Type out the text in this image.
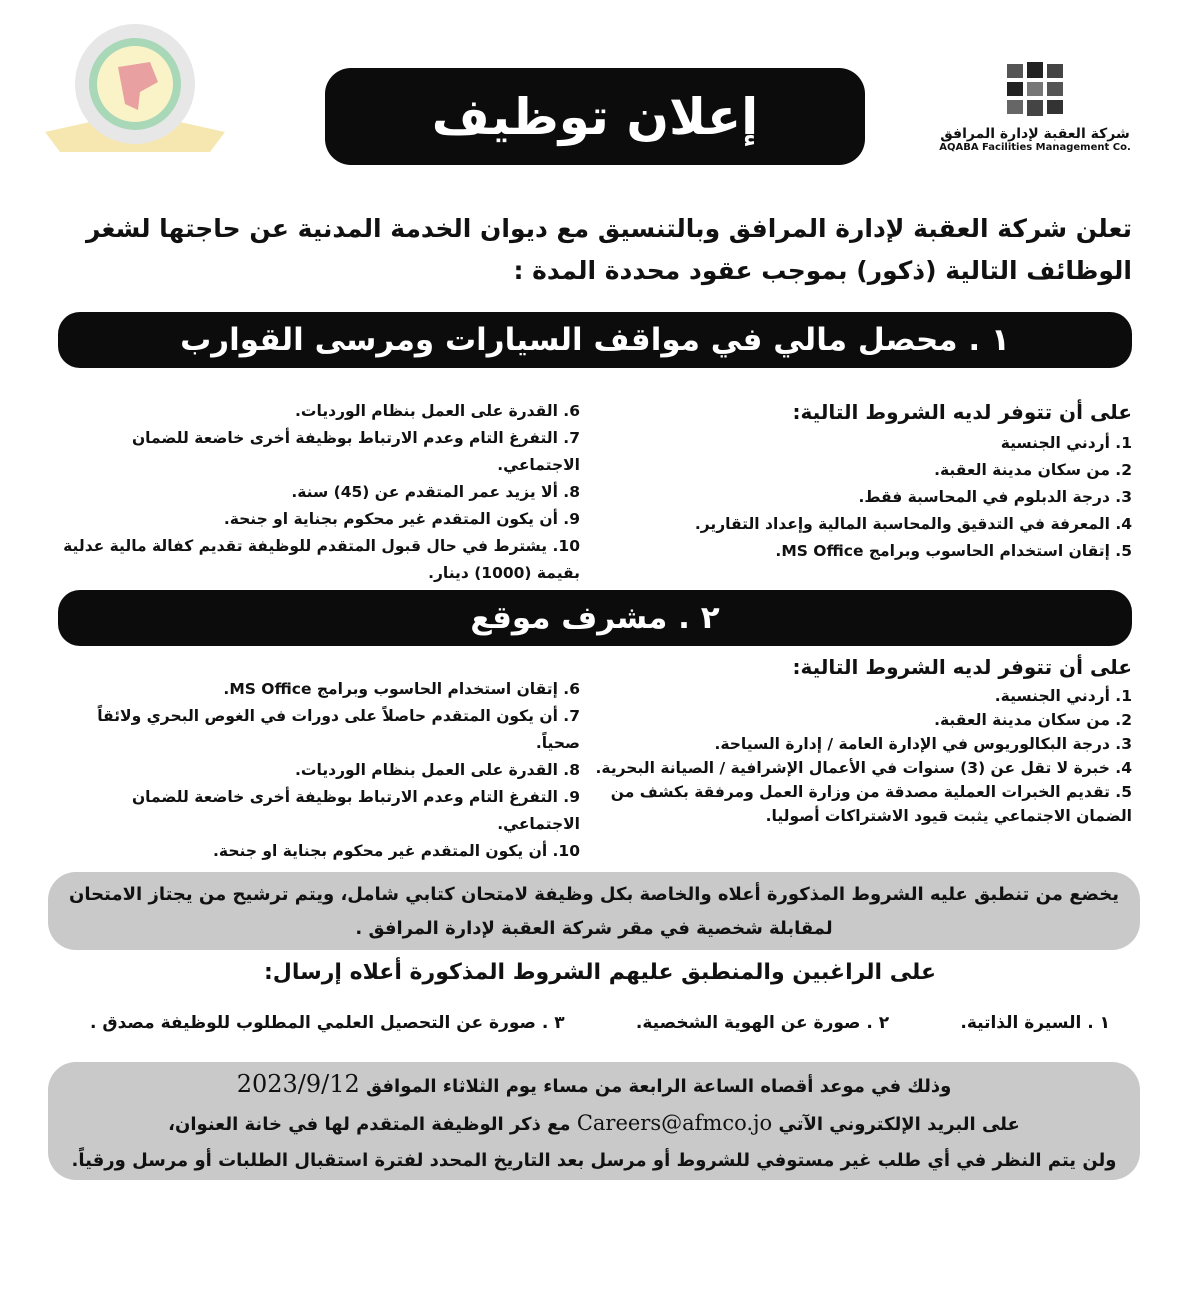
إعلان توظيف	شركة العقبة لإدارة المرافق
AQABA Facilities Management Co.
تعلن شركة العقبة لإدارة المرافق وبالتنسيق مع ديوان الخدمة المدنية عن حاجتها لشغر الوظائف التالية (ذكور) بموجب عقود محددة المدة :
١ . محصل مالي في مواقف السيارات ومرسى القوارب
على أن تتوفر لديه الشروط التالية:
1. أردني الجنسية
2. من سكان مدينة العقبة.
3. درجة الدبلوم في المحاسبة فقط.
4. المعرفة في التدقيق والمحاسبة المالية وإعداد التقارير.
5. إتقان استخدام الحاسوب وبرامج MS Office.
6. القدرة على العمل بنظام الورديات.
7. التفرغ التام وعدم الارتباط بوظيفة أخرى خاضعة للضمان الاجتماعي.
8. ألا يزيد عمر المتقدم عن (45) سنة.
9. أن يكون المتقدم غير محكوم بجناية او جنحة.
10. يشترط في حال قبول المتقدم للوظيفة تقديم كفالة مالية عدلية بقيمة (1000) دينار.
٢ . مشرف موقع
على أن تتوفر لديه الشروط التالية:
1. أردني الجنسية.
2. من سكان مدينة العقبة.
3. درجة البكالوريوس في الإدارة العامة / إدارة السياحة.
4. خبرة لا تقل عن (3) سنوات في الأعمال الإشرافية / الصيانة البحرية.
5. تقديم الخبرات العملية مصدقة من وزارة العمل ومرفقة بكشف من الضمان الاجتماعي يثبت قيود الاشتراكات أصوليا.
6. إتقان استخدام الحاسوب وبرامج MS Office.
7. أن يكون المتقدم حاصلاً على دورات في الغوص البحري ولائقاً صحياً.
8. القدرة على العمل بنظام الورديات.
9. التفرغ التام وعدم الارتباط بوظيفة أخرى خاضعة للضمان الاجتماعي.
10. أن يكون المتقدم غير محكوم بجناية او جنحة.
يخضع من تنطبق عليه الشروط المذكورة أعلاه والخاصة بكل وظيفة لامتحان كتابي شامل، ويتم ترشيح من يجتاز الامتحان لمقابلة شخصية في مقر شركة العقبة لإدارة المرافق .
على الراغبين والمنطبق عليهم الشروط المذكورة أعلاه إرسال:
١ . السيرة الذاتية.
٢ . صورة عن الهوية الشخصية.
٣ . صورة عن التحصيل العلمي المطلوب للوظيفة مصدق .
وذلك في موعد أقصاه الساعة الرابعة من مساء يوم الثلاثاء الموافق 2023/9/12
على البريد الإلكتروني الآتي Careers@afmco.jo مع ذكر الوظيفة المتقدم لها في خانة العنوان،
ولن يتم النظر في أي طلب غير مستوفي للشروط أو مرسل بعد التاريخ المحدد لفترة استقبال الطلبات أو مرسل ورقياً.
